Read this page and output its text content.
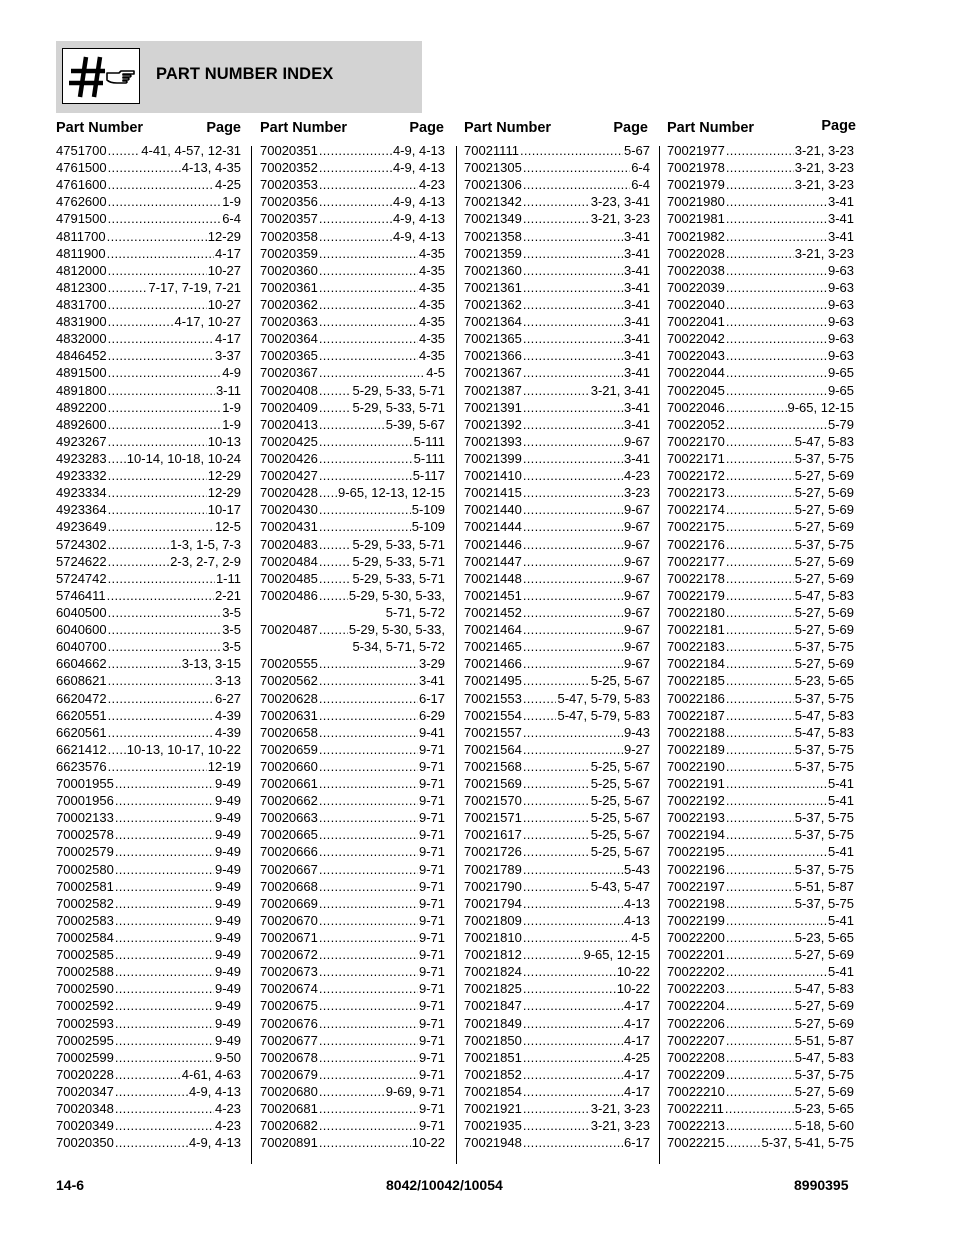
PART NUMBER INDEX
Part Number	Page
4751700 .....	4-41, 4-57, 12-31
4761500 .....	4-13, 4-35
4761600 .....	4-25
4762600 .....	1-9
4791500 .....	6-4
4811700 .....	12-29
4811900 .....	4-17
4812000 .....	10-27
4812300 .....	7-17, 7-19, 7-21
4831700 .....	10-27
4831900 .....	4-17, 10-27
4832000 .....	4-17
4846452 .....	3-37
4891500 .....	4-9
4891800 .....	3-11
4892200 .....	1-9
4892600 .....	1-9
4923267 .....	10-13
4923283 ..... 10-14, 10-18, 10-24
4923332 .....	12-29
4923334 .....	12-29
4923364 .....	10-17
4923649 .....	12-5
5724302 .....	1-3, 1-5, 7-3
5724622 .....	2-3, 2-7, 2-9
5724742 .....	1-11
5746411 .....	2-21
6040500 .....	3-5
6040600 .....	3-5
6040700 .....	3-5
6604662 .....	3-13, 3-15
6608621 .....	3-13
6620472 .....	6-27
6620551 .....	4-39
6620561 .....	4-39
6621412 ..... 10-13, 10-17, 10-22
6623576 .....	12-19
70001955 .....	9-49
70001956 .....	9-49
70002133 .....	9-49
70002578 .....	9-49
70002579 .....	9-49
70002580 .....	9-49
70002581 .....	9-49
70002582 .....	9-49
70002583 .....	9-49
70002584 .....	9-49
70002585 .....	9-49
70002588 .....	9-49
70002590 .....	9-49
70002592 .....	9-49
70002593 .....	9-49
70002595 .....	9-49
70002599 .....	9-50
70020228 .....	4-61, 4-63
70020347 .....	4-9, 4-13
70020348 .....	4-23
70020349 .....	4-23
70020350 .....	4-9, 4-13
Part Number	Page
70020351 .....	4-9, 4-13
70020352 .....	4-9, 4-13
70020353 .....	4-23
70020356 .....	4-9, 4-13
70020357 .....	4-9, 4-13
70020358 .....	4-9, 4-13
70020359 .....	4-35
70020360 .....	4-35
70020361 .....	4-35
70020362 .....	4-35
70020363 .....	4-35
70020364 .....	4-35
70020365 .....	4-35
70020367 .....	4-5
70020408 .....	5-29, 5-33, 5-71
70020409 .....	5-29, 5-33, 5-71
70020413 .....	5-39, 5-67
70020425 .....	5-111
70020426 .....	5-111
70020427 .....	5-117
70020428 ..... 9-65, 12-13, 12-15
70020430 .....	5-109
70020431 .....	5-109
70020483 .....	5-29, 5-33, 5-71
70020484 .....	5-29, 5-33, 5-71
70020485 .....	5-29, 5-33, 5-71
70020486 ..... 5-29, 5-30, 5-33,
5-71, 5-72
70020487 ..... 5-29, 5-30, 5-33,
5-34, 5-71, 5-72
70020555 .....	3-29
70020562 .....	3-41
70020628 .....	6-17
70020631 .....	6-29
70020658 .....	9-41
70020659 .....	9-71
70020660 .....	9-71
70020661 .....	9-71
70020662 .....	9-71
70020663 .....	9-71
70020665 .....	9-71
70020666 .....	9-71
70020667 .....	9-71
70020668 .....	9-71
70020669 .....	9-71
70020670 .....	9-71
70020671 .....	9-71
70020672 .....	9-71
70020673 .....	9-71
70020674 .....	9-71
70020675 .....	9-71
70020676 .....	9-71
70020677 .....	9-71
70020678 .....	9-71
70020679 .....	9-71
70020680 .....	9-69, 9-71
70020681 .....	9-71
70020682 .....	9-71
70020891 .....	10-22
Part Number	Page
70021111 .....	5-67
70021305 .....	6-4
70021306 .....	6-4
70021342 .....	3-23, 3-41
70021349 .....	3-21, 3-23
70021358 .....	3-41
70021359 .....	3-41
70021360 .....	3-41
70021361 .....	3-41
70021362 .....	3-41
70021364 .....	3-41
70021365 .....	3-41
70021366 .....	3-41
70021367 .....	3-41
70021387 .....	3-21, 3-41
70021391 .....	3-41
70021392 .....	3-41
70021393 .....	9-67
70021399 .....	3-41
70021410 .....	4-23
70021415 .....	3-23
70021440 .....	9-67
70021444 .....	9-67
70021446 .....	9-67
70021447 .....	9-67
70021448 .....	9-67
70021451 .....	9-67
70021452 .....	9-67
70021464 .....	9-67
70021465 .....	9-67
70021466 .....	9-67
70021495 .....	5-25, 5-67
70021553 .....	5-47, 5-79, 5-83
70021554 .....	5-47, 5-79, 5-83
70021557 .....	9-43
70021564 .....	9-27
70021568 .....	5-25, 5-67
70021569 .....	5-25, 5-67
70021570 .....	5-25, 5-67
70021571 .....	5-25, 5-67
70021617 .....	5-25, 5-67
70021726 .....	5-25, 5-67
70021789 .....	5-43
70021790 .....	5-43, 5-47
70021794 .....	4-13
70021809 .....	4-13
70021810 .....	4-5
70021812 .....	9-65, 12-15
70021824 .....	10-22
70021825 .....	10-22
70021847 .....	4-17
70021849 .....	4-17
70021850 .....	4-17
70021851 .....	4-25
70021852 .....	4-17
70021854 .....	4-17
70021921 .....	3-21, 3-23
70021935 .....	3-21, 3-23
70021948 .....	6-17
Part Number	Page
70021977 .....	3-21, 3-23
70021978 .....	3-21, 3-23
70021979 .....	3-21, 3-23
70021980 .....	3-41
70021981 .....	3-41
70021982 .....	3-41
70022028 .....	3-21, 3-23
70022038 .....	9-63
70022039 .....	9-63
70022040 .....	9-63
70022041 .....	9-63
70022042 .....	9-63
70022043 .....	9-63
70022044 .....	9-65
70022045 .....	9-65
70022046 .....	9-65, 12-15
70022052 .....	5-79
70022170 .....	5-47, 5-83
70022171 .....	5-37, 5-75
70022172 .....	5-27, 5-69
70022173 .....	5-27, 5-69
70022174 .....	5-27, 5-69
70022175 .....	5-27, 5-69
70022176 .....	5-37, 5-75
70022177 .....	5-27, 5-69
70022178 .....	5-27, 5-69
70022179 .....	5-47, 5-83
70022180 .....	5-27, 5-69
70022181 .....	5-27, 5-69
70022183 .....	5-37, 5-75
70022184 .....	5-27, 5-69
70022185 .....	5-23, 5-65
70022186 .....	5-37, 5-75
70022187 .....	5-47, 5-83
70022188 .....	5-47, 5-83
70022189 .....	5-37, 5-75
70022190 .....	5-37, 5-75
70022191 .....	5-41
70022192 .....	5-41
70022193 .....	5-37, 5-75
70022194 .....	5-37, 5-75
70022195 .....	5-41
70022196 .....	5-37, 5-75
70022197 .....	5-51, 5-87
70022198 .....	5-37, 5-75
70022199 .....	5-41
70022200 .....	5-23, 5-65
70022201 .....	5-27, 5-69
70022202 .....	5-41
70022203 .....	5-47, 5-83
70022204 .....	5-27, 5-69
70022206 .....	5-27, 5-69
70022207 .....	5-51, 5-87
70022208 .....	5-47, 5-83
70022209 .....	5-37, 5-75
70022210 .....	5-27, 5-69
70022211 .....	5-23, 5-65
70022213 .....	5-18, 5-60
70022215 .....	5-37, 5-41, 5-75
14-6	8042/10042/10054	8990395
